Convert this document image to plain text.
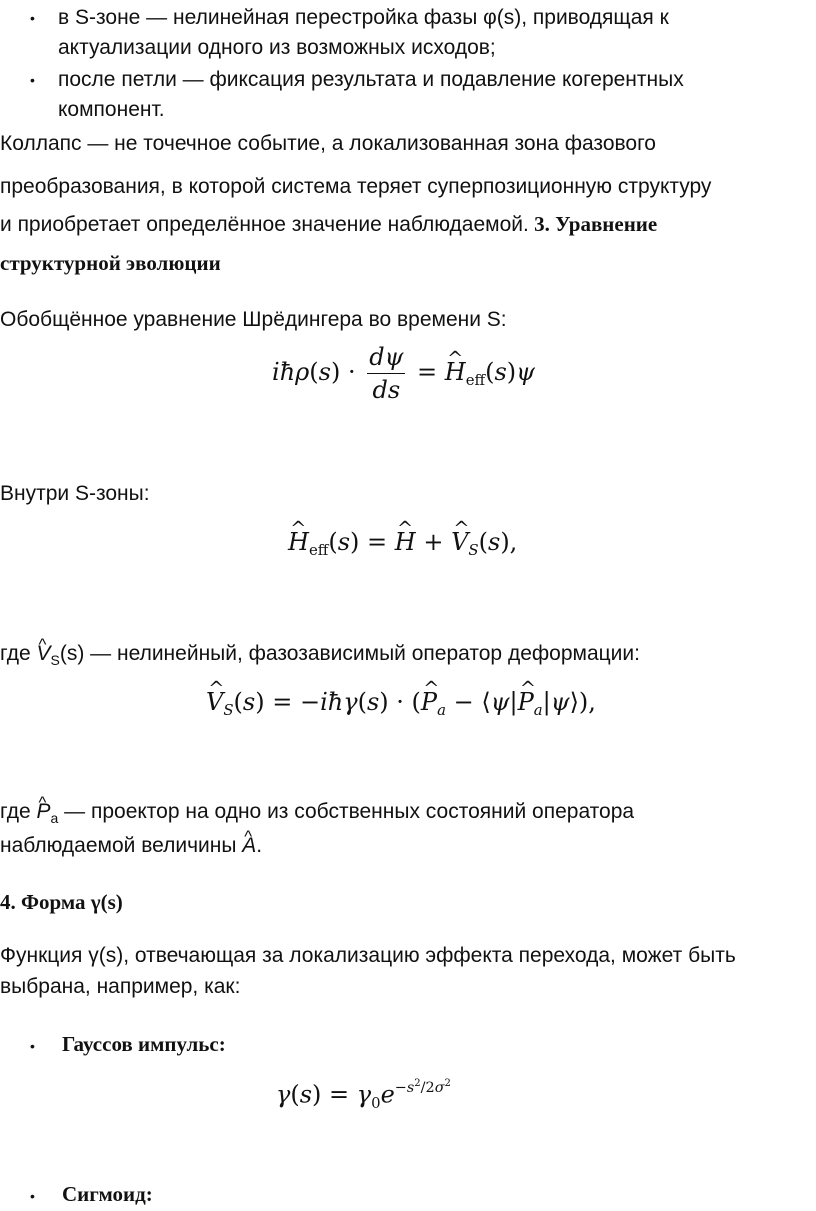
• в S-зоне — нелинейная перестройка фазы φ(s), приводящая к
актуализации одного из возможных исходов;
• после петли — фиксация результата и подавление когерентных
компонент.
Коллапс — не точечное событие, а локализованная зона фазового
преобразования, в которой система теряет суперпозиционную структуру
и приобретает определённое значение наблюдаемой. 3. Уравнение
структурной эволюции
Обобщённое уравнение Шрёдингера во времени S:
iħρ(s) · $\frac{d\psi}{ds}$ = ^ $H_{eff}(s)\psi$
Внутри S-зоны:
^ $H_{eff}(s)$ = ^ H + ^ $V_S(s)$,
где ^ $V_S(s)$ — нелинейный, фазозависимый оператор деформации:
^ $V_S(s)$ = −iħγ(s) · (^ $P_a$ − ⟨ψ|^ $P_a|\psi⟩$),
где ^ $P_a$ — проектор на одно из собственных состояний оператора
наблюдаемой величины ^ A.
4. Форма γ(s)
Функция γ(s), отвечающая за локализацию эффекта перехода, может быть
выбрана, например, как:
• Гауссов импульс:
$\gamma(s) = \gamma_0e^{-s^2/2\sigma^2}$
• Сигмоид:
